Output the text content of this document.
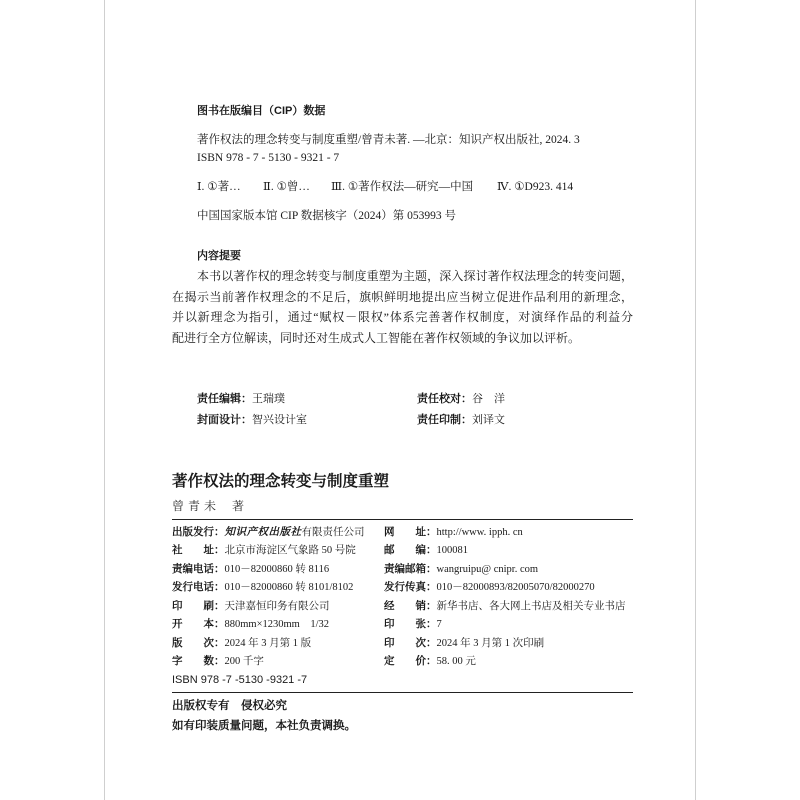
图书在版编目（CIP）数据
著作权法的理念转变与制度重塑/曾青未著. —北京：知识产权出版社, 2024. 3
ISBN 978 - 7 - 5130 - 9321 - 7
Ⅰ. ①著… Ⅱ. ①曾… Ⅲ. ①著作权法—研究—中国 Ⅳ. ①D923. 414
中国国家版本馆 CIP 数据核字（2024）第 053993 号
内容提要
本书以著作权的理念转变与制度重塑为主题，深入探讨著作权法理念的转变问题，
在揭示当前著作权理念的不足后，旗帜鲜明地提出应当树立促进作品利用的新理念，
并以新理念为指引，通过“赋权－限权”体系完善著作权制度，对演绎作品的利益分
配进行全方位解读，同时还对生成式人工智能在著作权领域的争议加以评析。
责任编辑：王瑞璞	责任校对：谷　洋
封面设计：智兴设计室	责任印制：刘译文
著作权法的理念转变与制度重塑
曾青未 著
出版发行：知识产权出版社有限责任公司	网　　址：http://www. ipph. cn
社　　址：北京市海淀区气象路 50 号院	邮　　编：100081
责编电话：010－82000860 转 8116	责编邮箱：wangruipu@ cnipr. com
发行电话：010－82000860 转 8101/8102	发行传真：010－82000893/82005070/82000270
印　　刷：天津嘉恒印务有限公司	经　　销：新华书店、各大网上书店及相关专业书店
开　　本：880mm×1230mm　1/32	印　　张：7
版　　次：2024 年 3 月第 1 版	印　　次：2024 年 3 月第 1 次印刷
字　　数：200 千字	定　　价：58. 00 元
ISBN 978 -7 -5130 -9321 -7
出版权专有　侵权必究
如有印装质量问题，本社负责调换。
